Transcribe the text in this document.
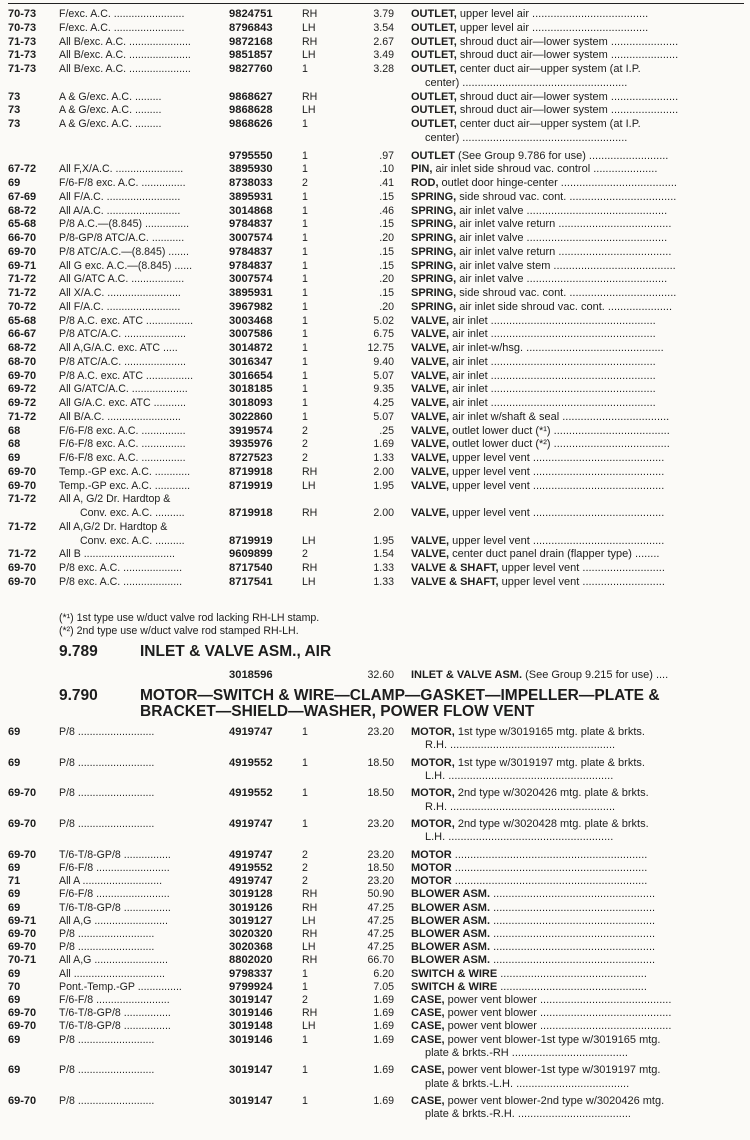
70-73 F/exc. A.C. ........................	9824751	RH	3.79 OUTLET, upper level air ......................................
70-73 F/exc. A.C. ........................	8796843	LH	3.54 OUTLET, upper level air ......................................
71-73 All B/exc. A.C. .....................	9872168	RH	2.67 OUTLET, shroud duct air—lower system ......................
71-73 All B/exc. A.C. .....................	9851857	LH	3.49 OUTLET, shroud duct air—lower system ......................
71-73 All B/exc. A.C. .....................	9827760	1	3.28 OUTLET, center duct air—upper system (at I.P.
center) ......................................................
73	A & G/exc. A.C. .........	9868627	RH	OUTLET, shroud duct air—lower system ......................
73	A & G/exc. A.C. .........	9868628	LH	OUTLET, shroud duct air—lower system ......................
73	A & G/exc. A.C. .........	9868626	1	OUTLET, center duct air—upper system (at I.P.
center) ......................................................
9795550	1	.97 OUTLET (See Group 9.786 for use) ..........................
67-72 All F,X/A.C. .......................	3895930	1	.10 PIN, air inlet side shroud vac. control .....................
69	F/6-F/8 exc. A.C. ...............	8738033	2	.41 ROD, outlet door hinge-center ......................................
67-69 All F/A.C. .........................	3895931	1	.15 SPRING, side shroud vac. cont. ...................................
68-72 All A/A.C. .........................	3014868	1	.46 SPRING, air inlet valve ..............................................
65-68 P/8 A.C.—(8.845) ...............	9784837	1	.15 SPRING, air inlet valve return .....................................
66-70 P/8-GP/8 ATC/A.C. ...........	3007574	1	.20 SPRING, air inlet valve ..............................................
69-70 P/8 ATC/A.C.—(8.845) .......	9784837	1	.15 SPRING, air inlet valve return .....................................
69-71 All G exc. A.C.—(8.845) ......	9784837	1	.15 SPRING, air inlet valve stem ........................................
71-72 All G/ATC A.C. ..................	3007574	1	.20 SPRING, air inlet valve ..............................................
71-72 All X/A.C. .........................	3895931	1	.15 SPRING, side shroud vac. cont. ...................................
70-72 All F/A.C. .........................	3967982	1	.20 SPRING, air inlet side shroud vac. cont. .....................
65-68 P/8 A.C. exc. ATC ................	3003468	1	5.02 VALVE, air inlet ......................................................
66-67 P/8 ATC/A.C. .....................	3007586	1	6.75 VALVE, air inlet ......................................................
68-72 All A,G/A.C. exc. ATC .....	3014872	1	12.75 VALVE, air inlet-w/hsg. .............................................
68-70 P/8 ATC/A.C. .....................	3016347	1	9.40 VALVE, air inlet ......................................................
69-70 P/8 A.C. exc. ATC ................	3016654	1	5.07 VALVE, air inlet ......................................................
69-72 All G/ATC/A.C. ...................	3018185	1	9.35 VALVE, air inlet ......................................................
69-72 All G/A.C. exc. ATC ...........	3018093	1	4.25 VALVE, air inlet ......................................................
71-72 All B/A.C. .........................	3022860	1	5.07 VALVE, air inlet w/shaft & seal ...................................
68	F/6-F/8 exc. A.C. ...............	3919574	2	.25 VALVE, outlet lower duct (*¹) ......................................
68	F/6-F/8 exc. A.C. ...............	3935976	2	1.69 VALVE, outlet lower duct (*²) ......................................
69	F/6-F/8 exc. A.C. ...............	8727523	2	1.33 VALVE, upper level vent ...........................................
69-70 Temp.-GP exc. A.C. ............	8719918	RH	2.00 VALVE, upper level vent ...........................................
69-70 Temp.-GP exc. A.C. ............	8719919	LH	1.95 VALVE, upper level vent ...........................................
71-72 All A, G/2 Dr. Hardtop &
Conv. exc. A.C. ..........	8719918	RH	2.00 VALVE, upper level vent ...........................................
71-72 All A,G/2 Dr. Hardtop &
Conv. exc. A.C. ..........	8719919	LH	1.95 VALVE, upper level vent ...........................................
71-72 All B ...............................	9609899	2	1.54 VALVE, center duct panel drain (flapper type) ........
69-70 P/8 exc. A.C. ....................	8717540	RH	1.33 VALVE & SHAFT, upper level vent ...........................
69-70 P/8 exc. A.C. ....................	8717541	LH	1.33 VALVE & SHAFT, upper level vent ...........................
(*¹) 1st type use w/duct valve rod lacking RH-LH stamp.
(*²) 2nd type use w/duct valve rod stamped RH-LH.
9.789	INLET & VALVE ASM., AIR
3018596	32.60 INLET & VALVE ASM. (See Group 9.215 for use) ....
9.790	MOTOR—SWITCH & WIRE—CLAMP—GASKET—IMPELLER—PLATE &
BRACKET—SHIELD—WASHER, POWER FLOW VENT
69	P/8 ..........................	4919747	1	23.20 MOTOR, 1st type w/3019165 mtg. plate & brkts.
R.H. ......................................................
69	P/8 ..........................	4919552	1	18.50 MOTOR, 1st type w/3019197 mtg. plate & brkts.
L.H. ......................................................
69-70 P/8 ..........................	4919552	1	18.50 MOTOR, 2nd type w/3020426 mtg. plate & brkts.
R.H. ......................................................
69-70 P/8 ..........................	4919747	1	23.20 MOTOR, 2nd type w/3020428 mtg. plate & brkts.
L.H. ......................................................
69-70 T/6-T/8-GP/8 ................	4919747	2	23.20 MOTOR ...............................................................
69	F/6-F/8 .........................	4919552	2	18.50 MOTOR ...............................................................
71	All A ...........................	4919747	2	23.20 MOTOR ...............................................................
69	F/6-F/8 .........................	3019128	RH	50.90 BLOWER ASM. .....................................................
69	T/6-T/8-GP/8 ................	3019126	RH	47.25 BLOWER ASM. .....................................................
69-71 All A,G .........................	3019127	LH	47.25 BLOWER ASM. .....................................................
69-70 P/8 ..........................	3020320	RH	47.25 BLOWER ASM. .....................................................
69-70 P/8 ..........................	3020368	LH	47.25 BLOWER ASM. .....................................................
70-71 All A,G .........................	8802020	RH	66.70 BLOWER ASM. .....................................................
69	All ...............................	9798337	1	6.20 SWITCH & WIRE ................................................
70	Pont.-Temp.-GP ...............	9799924	1	7.05 SWITCH & WIRE ................................................
69	F/6-F/8 .........................	3019147	2	1.69 CASE, power vent blower ...........................................
69-70 T/6-T/8-GP/8 ................	3019146	RH	1.69 CASE, power vent blower ...........................................
69-70 T/6-T/8-GP/8 ................	3019148	LH	1.69 CASE, power vent blower ...........................................
69	P/8 ..........................	3019146	1	1.69 CASE, power vent blower-1st type w/3019165 mtg.
plate & brkts.-RH ......................................
69	P/8 ..........................	3019147	1	1.69 CASE, power vent blower-1st type w/3019197 mtg.
plate & brkts.-L.H. .....................................
69-70 P/8 ..........................	3019147	1	1.69 CASE, power vent blower-2nd type w/3020426 mtg.
plate & brkts.-R.H. .....................................
